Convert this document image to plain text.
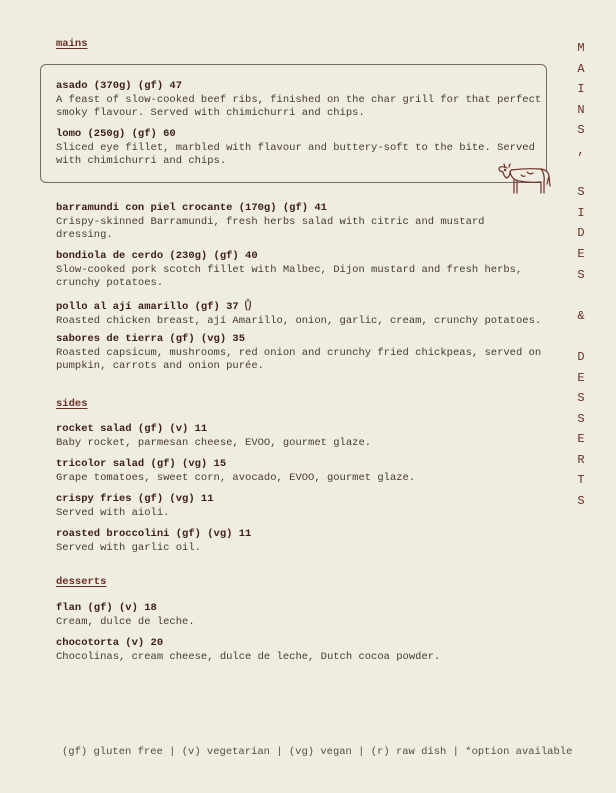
mains
asado (370g) (gf) 47
A feast of slow-cooked beef ribs, finished on the char grill for that perfect smoky flavour. Served with chimichurri and chips.
lomo (250g) (gf) 60
Sliced eye fillet, marbled with flavour and buttery-soft to the bite. Served with chimichurri and chips.
barramundi con piel crocante (170g) (gf) 41
Crispy-skinned Barramundi, fresh herbs salad with citric and mustard dressing.
bondiola de cerdo (230g) (gf) 40
Slow-cooked pork scotch fillet with Malbec, Dijon mustard and fresh herbs, crunchy potatoes.
pollo al ají amarillo (gf) 37
Roasted chicken breast, ají Amarillo, onion, garlic, cream, crunchy potatoes.
sabores de tierra (gf) (vg) 35
Roasted capsicum, mushrooms, red onion and crunchy fried chickpeas, served on pumpkin, carrots and onion purée.
sides
rocket salad (gf) (v) 11
Baby rocket, parmesan cheese, EVOO, gourmet glaze.
tricolor salad (gf) (vg) 15
Grape tomatoes, sweet corn, avocado, EVOO, gourmet glaze.
crispy fries (gf) (vg) 11
Served with aioli.
roasted broccolini (gf) (vg) 11
Served with garlic oil.
desserts
flan (gf) (v) 18
Cream, dulce de leche.
chocotorta (v) 20
Chocolinas, cream cheese, dulce de leche, Dutch cocoa powder.
M
A
I
N
S
,
S
I
D
E
S
&
D
E
S
S
E
R
T
S
(gf) gluten free | (v) vegetarian | (vg) vegan | (r) raw dish | *option available
